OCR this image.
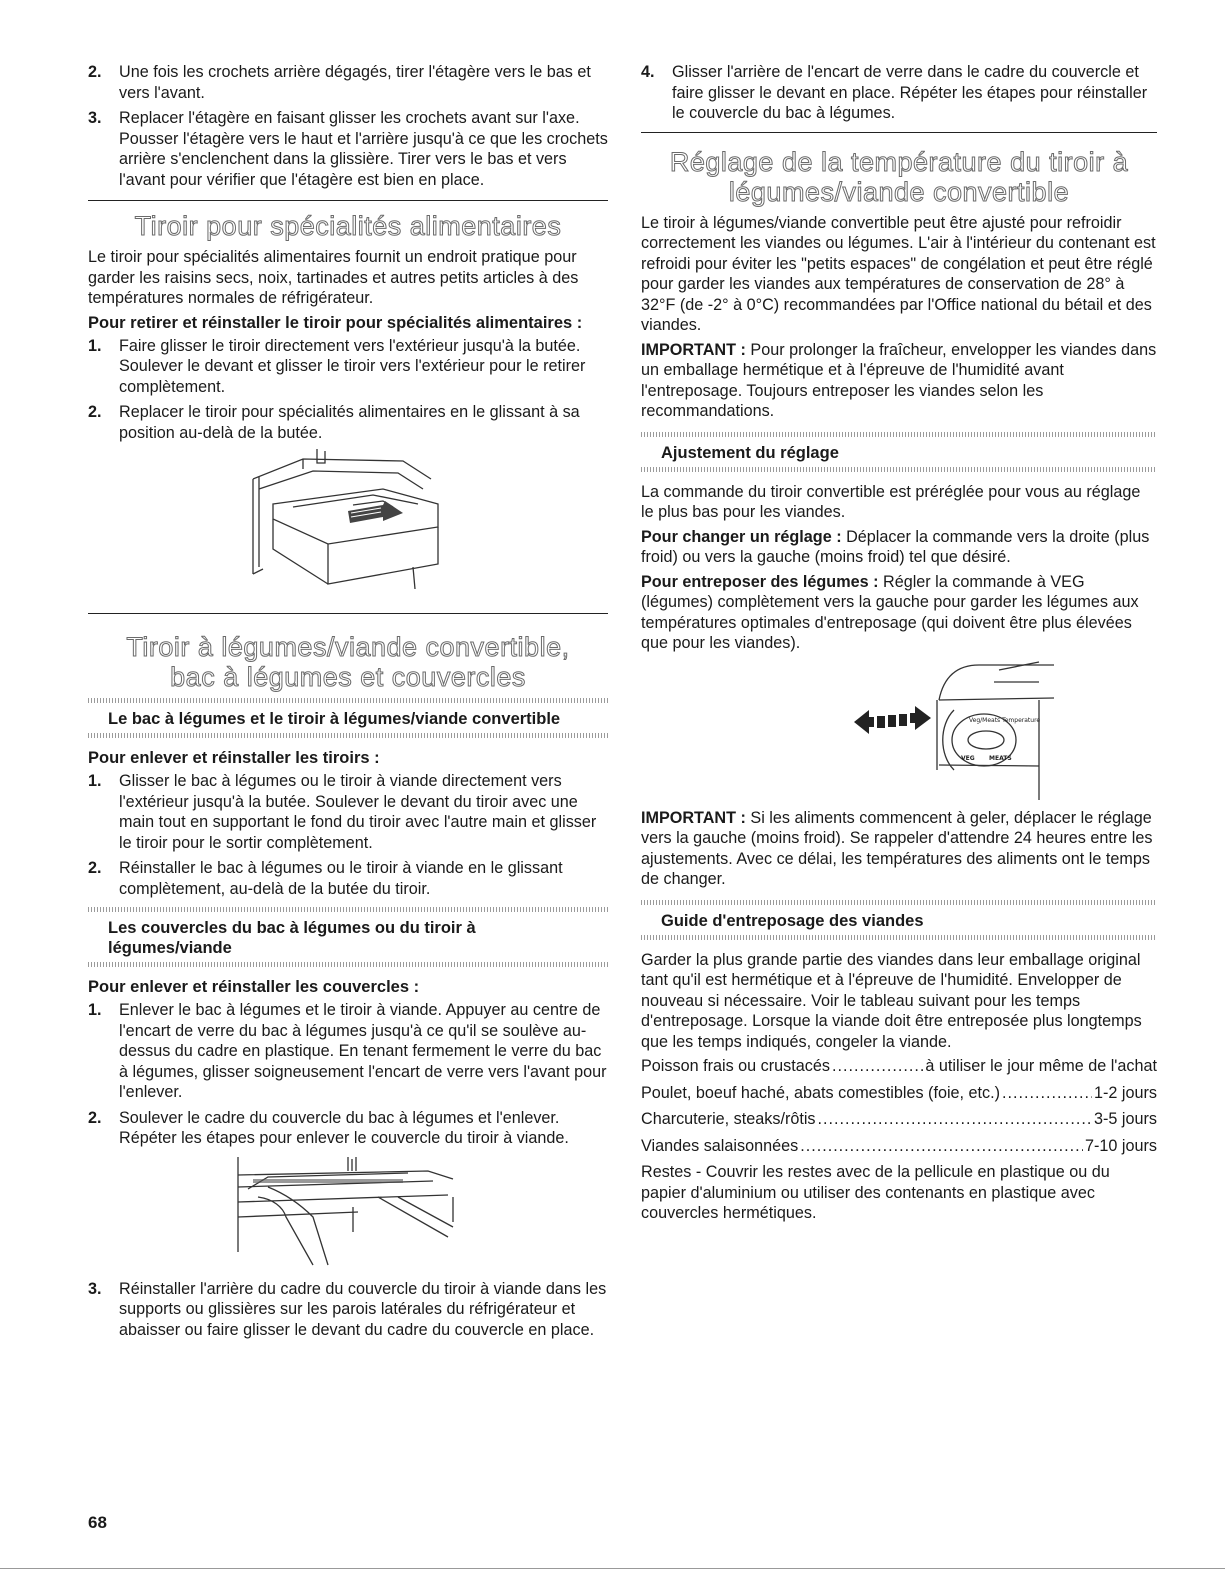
2. Une fois les crochets arrière dégagés, tirer l'étagère vers le bas et vers l'avant.
3. Replacer l'étagère en faisant glisser les crochets avant sur l'axe. Pousser l'étagère vers le haut et l'arrière jusqu'à ce que les crochets arrière s'enclenchent dans la glissière. Tirer vers le bas et vers l'avant pour vérifier que l'étagère est bien en place.
Tiroir pour spécialités alimentaires

Le tiroir pour spécialités alimentaires fournit un endroit pratique pour garder les raisins secs, noix, tartinades et autres petits articles à des températures normales de réfrigérateur.

Pour retirer et réinstaller le tiroir pour spécialités alimentaires :
1. Faire glisser le tiroir directement vers l'extérieur jusqu'à la butée. Soulever le devant et glisser le tiroir vers l'extérieur pour le retirer complètement.
2. Replacer le tiroir pour spécialités alimentaires en le glissant à sa position au-delà de la butée.
Tiroir à légumes/viande convertible,
bac à légumes et couvercles
Le bac à légumes et le tiroir à légumes/viande convertible
Pour enlever et réinstaller les tiroirs :
1. Glisser le bac à légumes ou le tiroir à viande directement vers l'extérieur jusqu'à la butée. Soulever le devant du tiroir avec une main tout en supportant le fond du tiroir avec l'autre main et glisser le tiroir pour le sortir complètement.
2. Réinstaller le bac à légumes ou le tiroir à viande en le glissant complètement, au-delà de la butée du tiroir.
Les couvercles du bac à légumes ou du tiroir à légumes/viande
Pour enlever et réinstaller les couvercles :
1. Enlever le bac à légumes et le tiroir à viande. Appuyer au centre de l'encart de verre du bac à légumes jusqu'à ce qu'il se soulève au-dessus du cadre en plastique. En tenant fermement le verre du bac à légumes, glisser soigneusement l'encart de verre vers l'avant pour l'enlever.
2. Soulever le cadre du couvercle du bac à légumes et l'enlever. Répéter les étapes pour enlever le couvercle du tiroir à viande.
3. Réinstaller l'arrière du cadre du couvercle du tiroir à viande dans les supports ou glissières sur les parois latérales du réfrigérateur et abaisser ou faire glisser le devant du cadre du couvercle en place.
4. Glisser l'arrière de l'encart de verre dans le cadre du couvercle et faire glisser le devant en place. Répéter les étapes pour réinstaller le couvercle du bac à légumes.
Réglage de la température du tiroir à
légumes/viande convertible

Le tiroir à légumes/viande convertible peut être ajusté pour refroidir correctement les viandes ou légumes. L'air à l'intérieur du contenant est refroidi pour éviter les "petits espaces" de congélation et peut être réglé pour garder les viandes aux températures de conservation de 28° à 32°F (de -2° à 0°C) recommandées par l'Office national du bétail et des viandes.

IMPORTANT : Pour prolonger la fraîcheur, envelopper les viandes dans un emballage hermétique et à l'épreuve de l'humidité avant l'entreposage. Toujours entreposer les viandes selon les recommandations.

Ajustement du réglage

La commande du tiroir convertible est préréglée pour vous au réglage le plus bas pour les viandes.

Pour changer un réglage : Déplacer la commande vers la droite (plus froid) ou vers la gauche (moins froid) tel que désiré.

Pour entreposer des légumes : Régler la commande à VEG (légumes) complètement vers la gauche pour garder les légumes aux températures optimales d'entreposage (qui doivent être plus élevées que pour les viandes).

Veg/Meats Temperature
VEG MEATS

IMPORTANT : Si les aliments commencent à geler, déplacer le réglage vers la gauche (moins froid). Se rappeler d'attendre 24 heures entre les ajustements. Avec ce délai, les températures des aliments ont le temps de changer.

Guide d'entreposage des viandes

Garder la plus grande partie des viandes dans leur emballage original tant qu'il est hermétique et à l'épreuve de l'humidité. Envelopper de nouveau si nécessaire. Voir le tableau suivant pour les temps d'entreposage. Lorsque la viande doit être entreposée plus longtemps que les temps indiqués, congeler la viande.

Poisson frais ou crustacés .....	à utiliser le jour même de l'achat
Poulet, boeuf haché, abats comestibles (foie, etc.) .....	1-2 jours
Charcuterie, steaks/rôtis .....	3-5 jours
Viandes salaisonnées .....	7-10 jours

Restes - Couvrir les restes avec de la pellicule en plastique ou du papier d'aluminium ou utiliser des contenants en plastique avec couvercles hermétiques.

68
